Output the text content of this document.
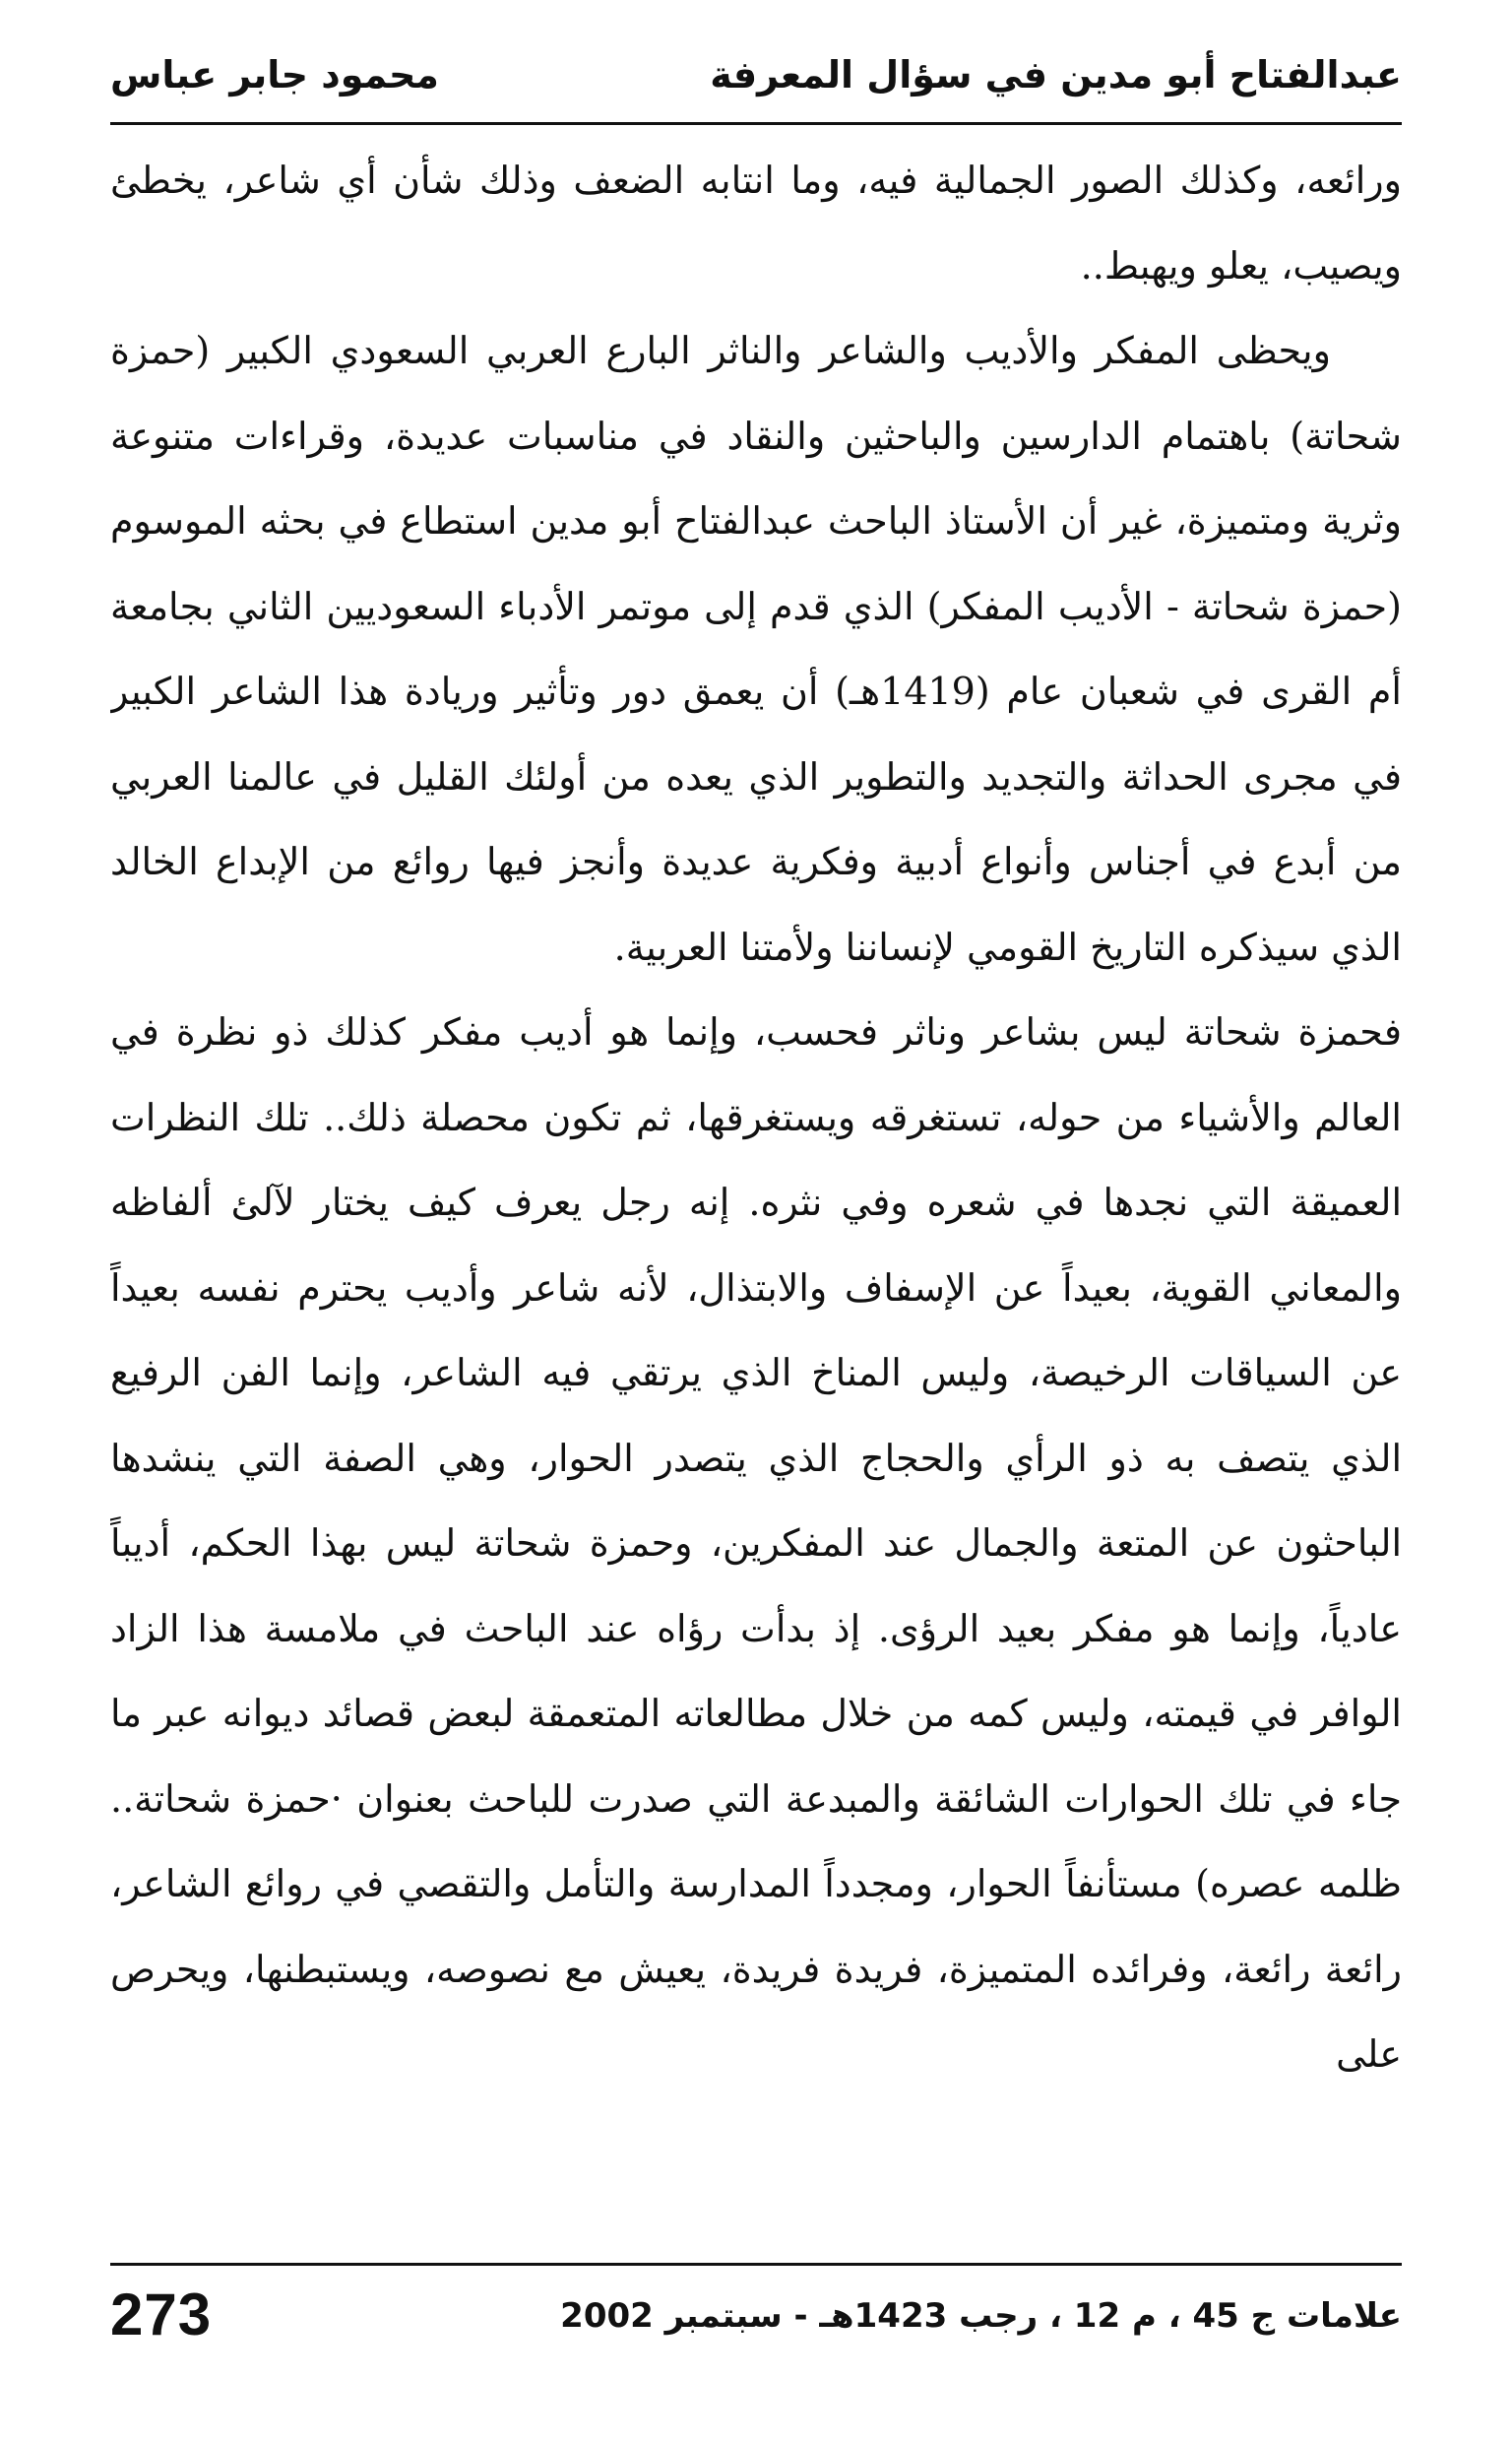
عبدالفتاح أبو مدين في سؤال المعرفة
محمود جابر عباس

ورائعه، وكذلك الصور الجمالية فيه، وما انتابه الضعف وذلك شأن أي شاعر، يخطئ ويصيب، يعلو ويهبط..

ويحظى المفكر والأديب والشاعر والناثر البارع العربي السعودي الكبير (حمزة شحاتة) باهتمام الدارسين والباحثين والنقاد في مناسبات عديدة، وقراءات متنوعة وثرية ومتميزة، غير أن الأستاذ الباحث عبدالفتاح أبو مدين استطاع في بحثه الموسوم (حمزة شحاتة - الأديب المفكر) الذي قدم إلى موتمر الأدباء السعوديين الثاني بجامعة أم القرى في شعبان عام (1419هـ) أن يعمق دور وتأثير وريادة هذا الشاعر الكبير في مجرى الحداثة والتجديد والتطوير الذي يعده من أولئك القليل في عالمنا العربي من أبدع في أجناس وأنواع أدبية وفكرية عديدة وأنجز فيها روائع من الإبداع الخالد الذي سيذكره التاريخ القومي لإنساننا ولأمتنا العربية.

فحمزة شحاتة ليس بشاعر وناثر فحسب، وإنما هو أديب مفكر كذلك ذو نظرة في العالم والأشياء من حوله، تستغرقه ويستغرقها، ثم تكون محصلة ذلك.. تلك النظرات العميقة التي نجدها في شعره وفي نثره. إنه رجل يعرف كيف يختار لآلئ ألفاظه والمعاني القوية، بعيداً عن الإسفاف والابتذال، لأنه شاعر وأديب يحترم نفسه بعيداً عن السياقات الرخيصة، وليس المناخ الذي يرتقي فيه الشاعر، وإنما الفن الرفيع الذي يتصف به ذو الرأي والحجاج الذي يتصدر الحوار، وهي الصفة التي ينشدها الباحثون عن المتعة والجمال عند المفكرين، وحمزة شحاتة ليس بهذا الحكم، أديباً عادياً، وإنما هو مفكر بعيد الرؤى. إذ بدأت رؤاه عند الباحث في ملامسة هذا الزاد الوافر في قيمته، وليس كمه من خلال مطالعاته المتعمقة لبعض قصائد ديوانه عبر ما جاء في تلك الحوارات الشائقة والمبدعة التي صدرت للباحث بعنوان ·حمزة شحاتة.. ظلمه عصره) مستأنفاً الحوار، ومجدداً المدارسة والتأمل والتقصي في روائع الشاعر، رائعة رائعة، وفرائده المتميزة، فريدة فريدة، يعيش مع نصوصه، ويستبطنها، ويحرص على

273	علامات ج 45 ، م 12 ، رجب 1423هـ - سبتمبر 2002
